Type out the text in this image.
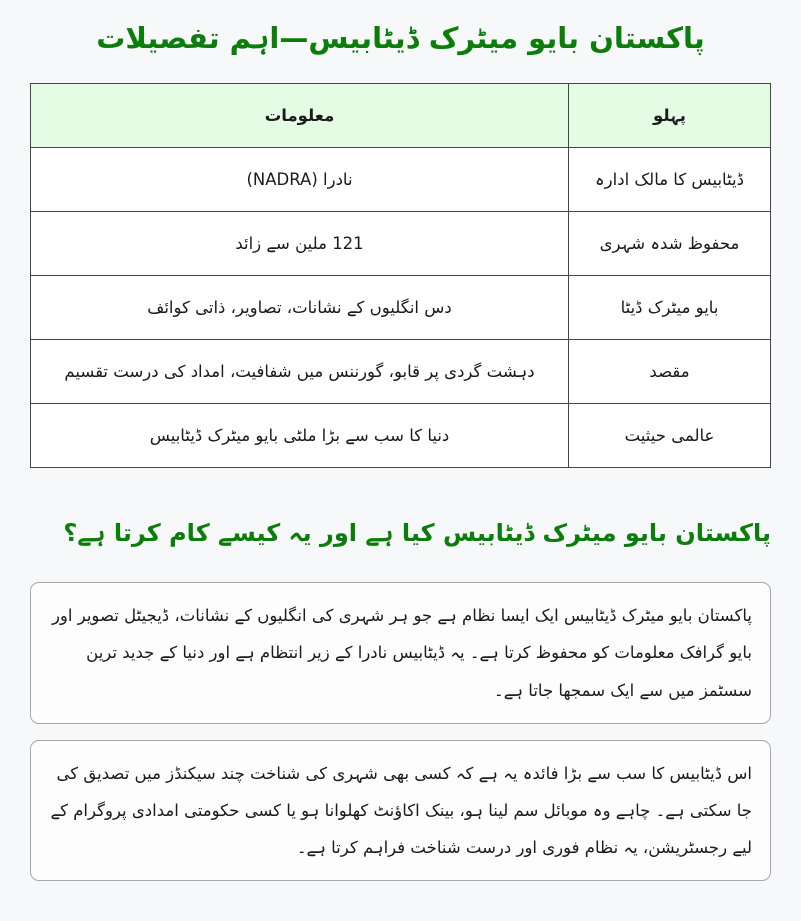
پاکستان بایو میٹرک ڈیٹابیس—اہم تفصیلات
پہلو	معلومات
ڈیٹابیس کا مالک ادارہ	نادرا (NADRA)
محفوظ شدہ شہری	121 ملین سے زائد
بایو میٹرک ڈیٹا	دس انگلیوں کے نشانات، تصاویر، ذاتی کوائف
مقصد	دہشت گردی پر قابو، گورننس میں شفافیت، امداد کی درست تقسیم
عالمی حیثیت	دنیا کا سب سے بڑا ملٹی بایو میٹرک ڈیٹابیس
پاکستان بایو میٹرک ڈیٹابیس کیا ہے اور یہ کیسے کام کرتا ہے؟
پاکستان بایو میٹرک ڈیٹابیس ایک ایسا نظام ہے جو ہر شہری کی انگلیوں کے نشانات، ڈیجیٹل تصویر اور بایو گرافک معلومات کو محفوظ کرتا ہے۔ یہ ڈیٹابیس نادرا کے زیر انتظام ہے اور دنیا کے جدید ترین سسٹمز میں سے ایک سمجھا جاتا ہے۔
اس ڈیٹابیس کا سب سے بڑا فائدہ یہ ہے کہ کسی بھی شہری کی شناخت چند سیکنڈز میں تصدیق کی جا سکتی ہے۔ چاہے وہ موبائل سم لینا ہو، بینک اکاؤنٹ کھلوانا ہو یا کسی حکومتی امدادی پروگرام کے لیے رجسٹریشن، یہ نظام فوری اور درست شناخت فراہم کرتا ہے۔
